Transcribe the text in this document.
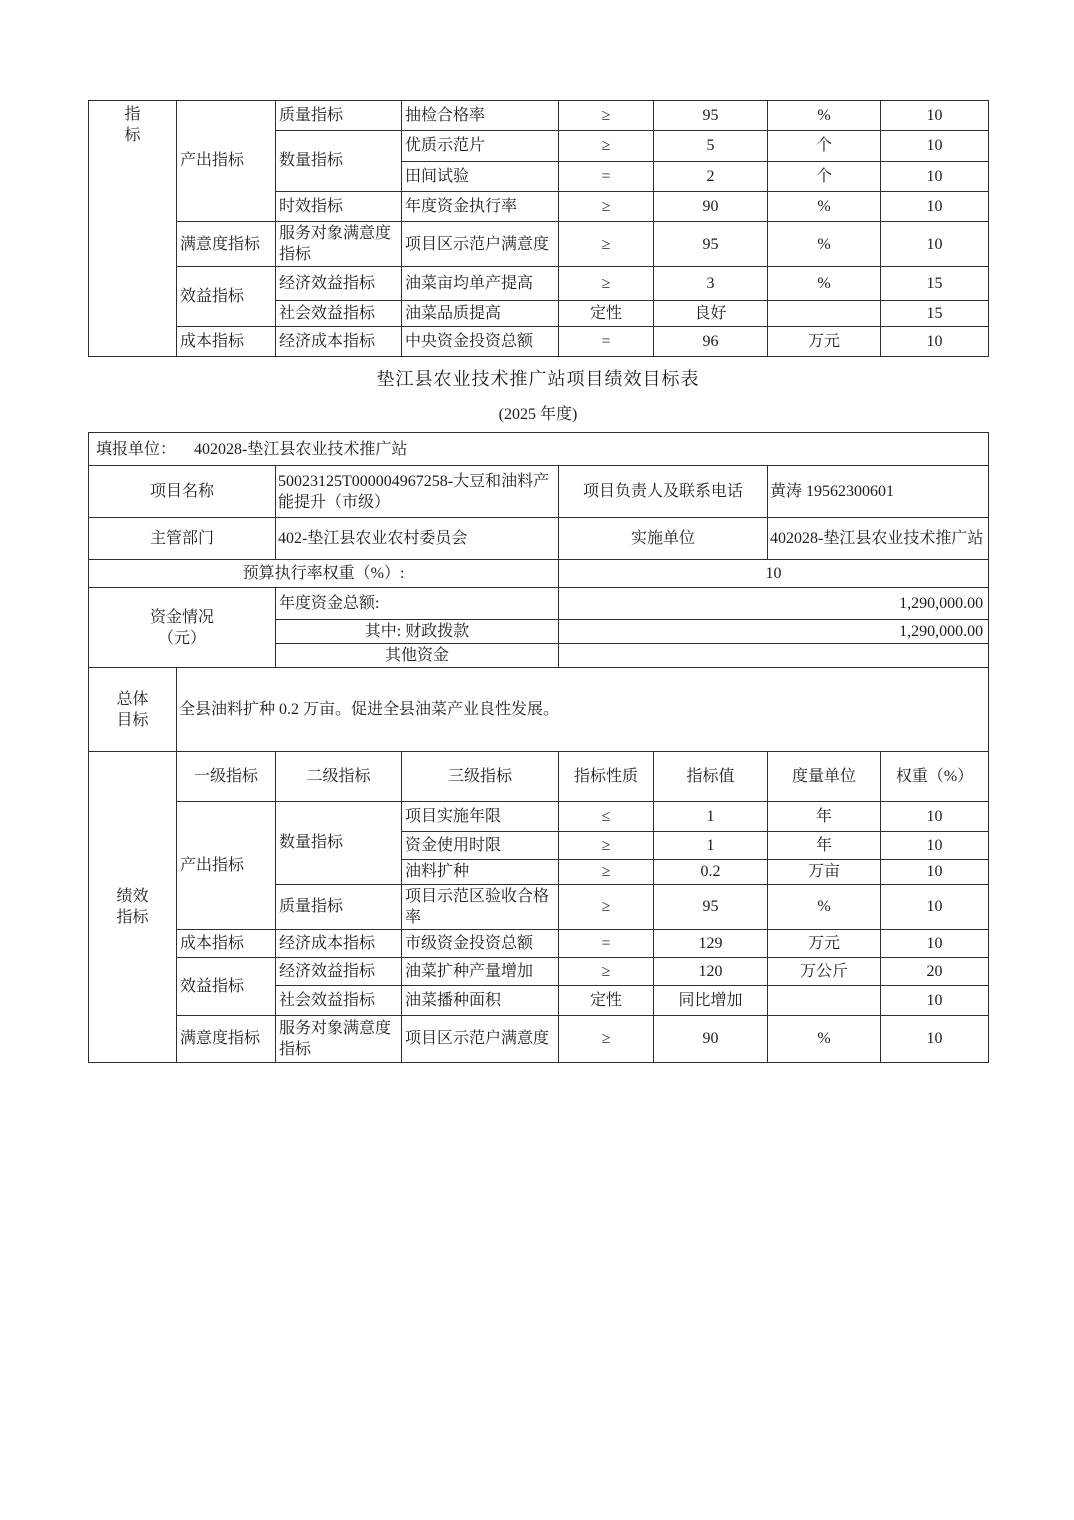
指
标	产出指标	质量指标	抽检合格率	≥	95	%	10
		数量指标	优质示范片	≥	5	个	10
			田间试验	=	2	个	10
		时效指标	年度资金执行率	≥	90	%	10
	满意度指标	服务对象满意度指标	项目区示范户满意度	≥	95	%	10
	效益指标	经济效益指标	油菜亩均单产提高	≥	3	%	15
		社会效益指标	油菜品质提高	定性	良好		15
	成本指标	经济成本指标	中央资金投资总额	=	96	万元	10
垫江县农业技术推广站项目绩效目标表
(2025 年度)
填报单位： 402028-垫江县农业技术推广站							
项目名称		50023125T000004967258-大豆和油料产能提升（市级）		项目负责人及联系电话		黄涛 19562300601	
主管部门		402-垫江县农业农村委员会		实施单位		402028-垫江县农业技术推广站	
预算执行率权重（%）:				10			

资金情况
（元）		年度资金总额:		1,290,000.00			
		其中: 财政拨款		1,290,000.00			
		其他资金					

总体
目标	全县油料扩种 0.2 万亩。促进全县油菜产业良性发展。						

绩效
指标	一级指标	二级指标	三级指标	指标性质	指标值	度量单位	权重（%）
	产出指标	数量指标	项目实施年限	≤	1	年	10
			资金使用时限	≥	1	年	10
			油料扩种	≥	0.2	万亩	10
		质量指标	项目示范区验收合格率	≥	95	%	10
	成本指标	经济成本指标	市级资金投资总额	=	129	万元	10
	效益指标	经济效益指标	油菜扩种产量增加	≥	120	万公斤	20
		社会效益指标	油菜播种面积	定性	同比增加		10
	满意度指标	服务对象满意度指标	项目区示范户满意度	≥	90	%	10
